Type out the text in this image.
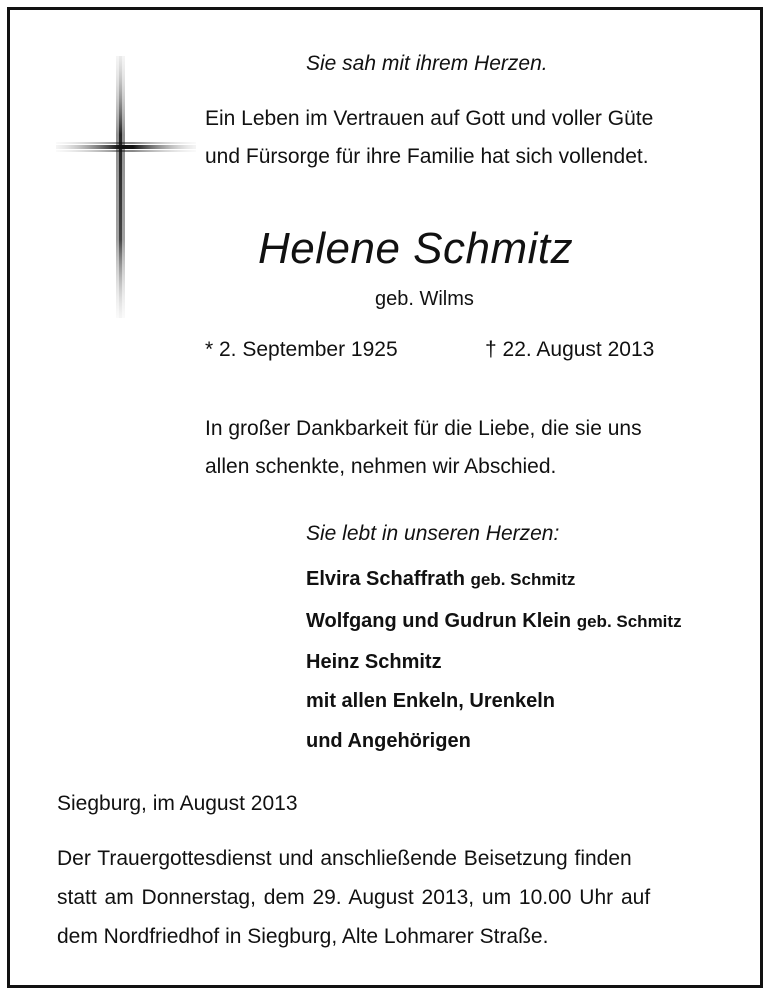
Sie sah mit ihrem Herzen.
Ein Leben im Vertrauen auf Gott und voller Güte
und Fürsorge für ihre Familie hat sich vollendet.
Helene Schmitz
geb. Wilms
* 2. September 1925	† 22. August 2013
In großer Dankbarkeit für die Liebe, die sie uns
allen schenkte, nehmen wir Abschied.
Sie lebt in unseren Herzen:
Elvira Schaffrath geb. Schmitz
Wolfgang und Gudrun Klein geb. Schmitz
Heinz Schmitz
mit allen Enkeln, Urenkeln
und Angehörigen
Siegburg, im August 2013
Der Trauergottesdienst und anschließende Beisetzung finden
statt am Donnerstag, dem 29. August 2013, um 10.00 Uhr auf
dem Nordfriedhof in Siegburg, Alte Lohmarer Straße.
